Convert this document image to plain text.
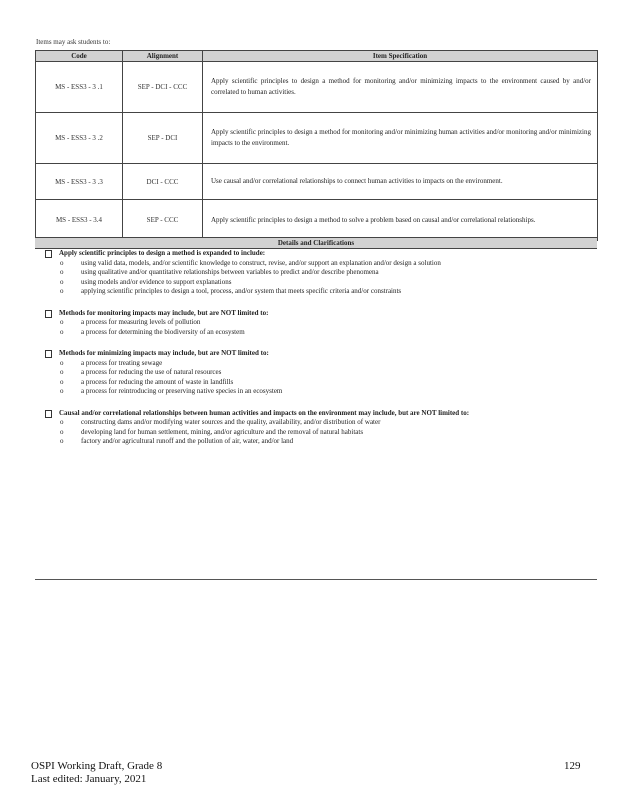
Items may ask students to:
Code	Alignment	Item Specification
MS - ESS3 - 3 .1	SEP - DCI - CCC	Apply scientific principles to design a method for monitoring and/or minimizing impacts to the environment caused by and/or correlated to human activities.
MS - ESS3 - 3 .2	SEP - DCI	Apply scientific principles to design a method for monitoring and/or minimizing human activities and/or monitoring and/or minimizing impacts to the environment.
MS - ESS3 - 3 .3	DCI - CCC	Use causal and/or correlational relationships to connect human activities to impacts on the environment.
MS - ESS3 - 3.4	SEP - CCC	Apply scientific principles to design a method to solve a problem based on causal and/or correlational relationships.
Details and Clarifications
Apply scientific principles to design a method is expanded to include:
o	using valid data, models, and/or scientific knowledge to construct, revise, and/or support an explanation and/or design a solution
o	using qualitative and/or quantitative relationships between variables to predict and/or describe phenomena
o	using models and/or evidence to support explanations
o	applying scientific principles to design a tool, process, and/or system that meets specific criteria and/or constraints
Methods for monitoring impacts may include, but are NOT limited to:
o	a process for measuring levels of pollution
o	a process for determining the biodiversity of an ecosystem
Methods for minimizing impacts may include, but are NOT limited to:
o	a process for treating sewage
o	a process for reducing the use of natural resources
o	a process for reducing the amount of waste in landfills
o	a process for reintroducing or preserving native species in an ecosystem
Causal and/or correlational relationships between human activities and impacts on the environment may include, but are NOT limited to:
o	constructing dams and/or modifying water sources and the quality, availability, and/or distribution of water
o	developing land for human settlement, mining, and/or agriculture and the removal of natural habitats
o	factory and/or agricultural runoff and the pollution of air, water, and/or land
OSPI Working Draft, Grade 8
Last edited: January, 2021
129
